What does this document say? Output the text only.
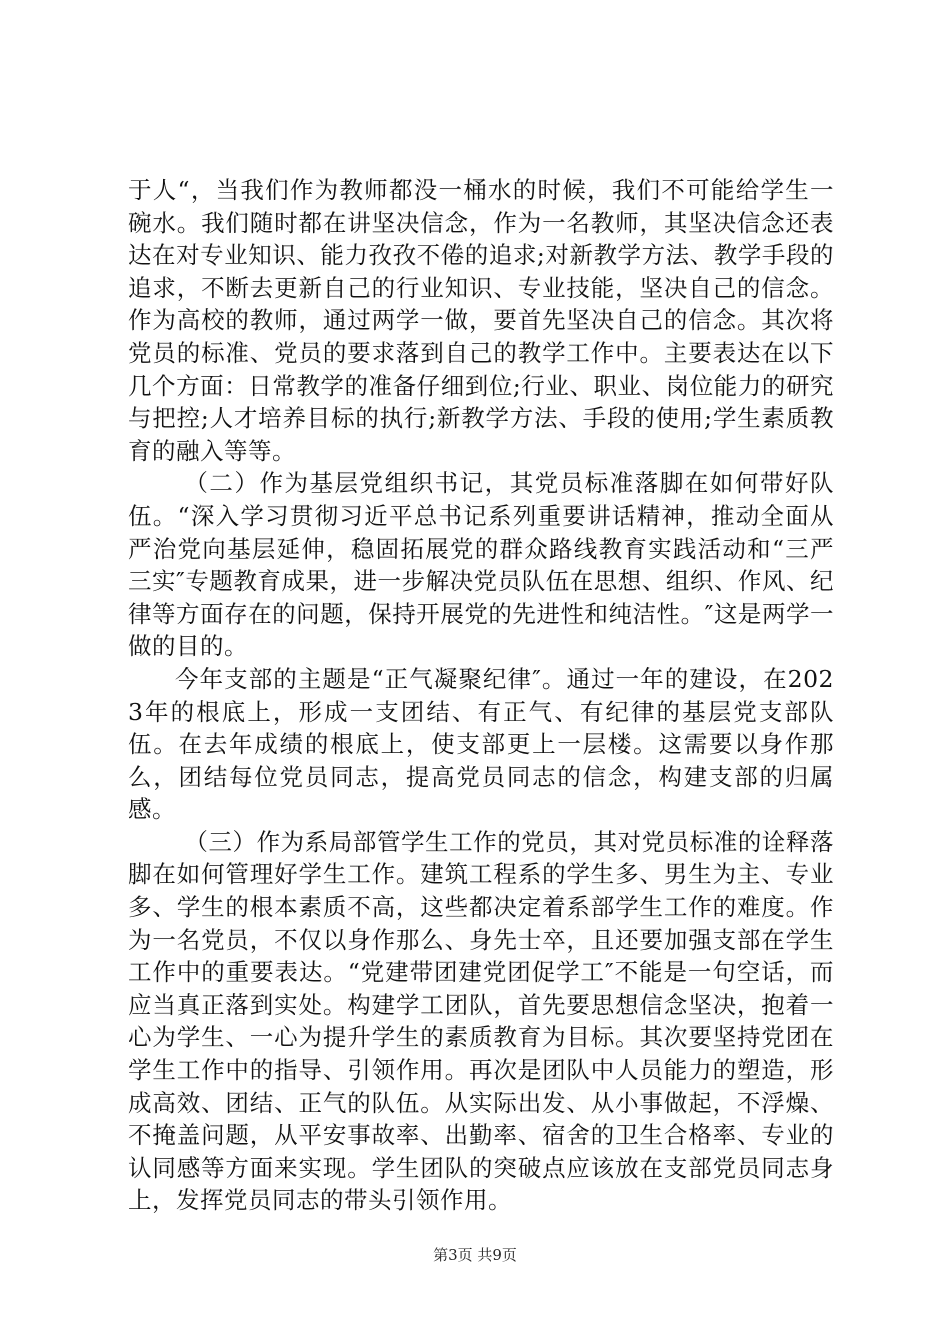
于人“，当我们作为教师都没一桶水的时候，我们不可能给学生一碗水。我们随时都在讲坚决信念，作为一名教师，其坚决信念还表达在对专业知识、能力孜孜不倦的追求;对新教学方法、教学手段的追求，不断去更新自己的行业知识、专业技能，坚决自己的信念。作为高校的教师，通过两学一做，要首先坚决自己的信念。其次将党员的标准、党员的要求落到自己的教学工作中。主要表达在以下几个方面：日常教学的准备仔细到位;行业、职业、岗位能力的研究与把控;人才培养目标的执行;新教学方法、手段的使用;学生素质教育的融入等等。

（二）作为基层党组织书记，其党员标准落脚在如何带好队伍。“深入学习贯彻习近平总书记系列重要讲话精神，推动全面从严治党向基层延伸，稳固拓展党的群众路线教育实践活动和“三严三实″专题教育成果，进一步解决党员队伍在思想、组织、作风、纪律等方面存在的问题，保持开展党的先进性和纯洁性。″这是两学一做的目的。

今年支部的主题是“正气凝聚纪律″。通过一年的建设，在2023年的根底上，形成一支团结、有正气、有纪律的基层党支部队伍。在去年成绩的根底上，使支部更上一层楼。这需要以身作那么，团结每位党员同志，提高党员同志的信念，构建支部的归属感。

（三）作为系局部管学生工作的党员，其对党员标准的诠释落脚在如何管理好学生工作。建筑工程系的学生多、男生为主、专业多、学生的根本素质不高，这些都决定着系部学生工作的难度。作为一名党员，不仅以身作那么、身先士卒，且还要加强支部在学生工作中的重要表达。“党建带团建党团促学工″不能是一句空话，而应当真正落到实处。构建学工团队，首先要思想信念坚决，抱着一心为学生、一心为提升学生的素质教育为目标。其次要坚持党团在学生工作中的指导、引领作用。再次是团队中人员能力的塑造，形成高效、团结、正气的队伍。从实际出发、从小事做起，不浮燥、不掩盖问题，从平安事故率、出勤率、宿舍的卫生合格率、专业的认同感等方面来实现。学生团队的突破点应该放在支部党员同志身上，发挥党员同志的带头引领作用。

第3页 共9页
